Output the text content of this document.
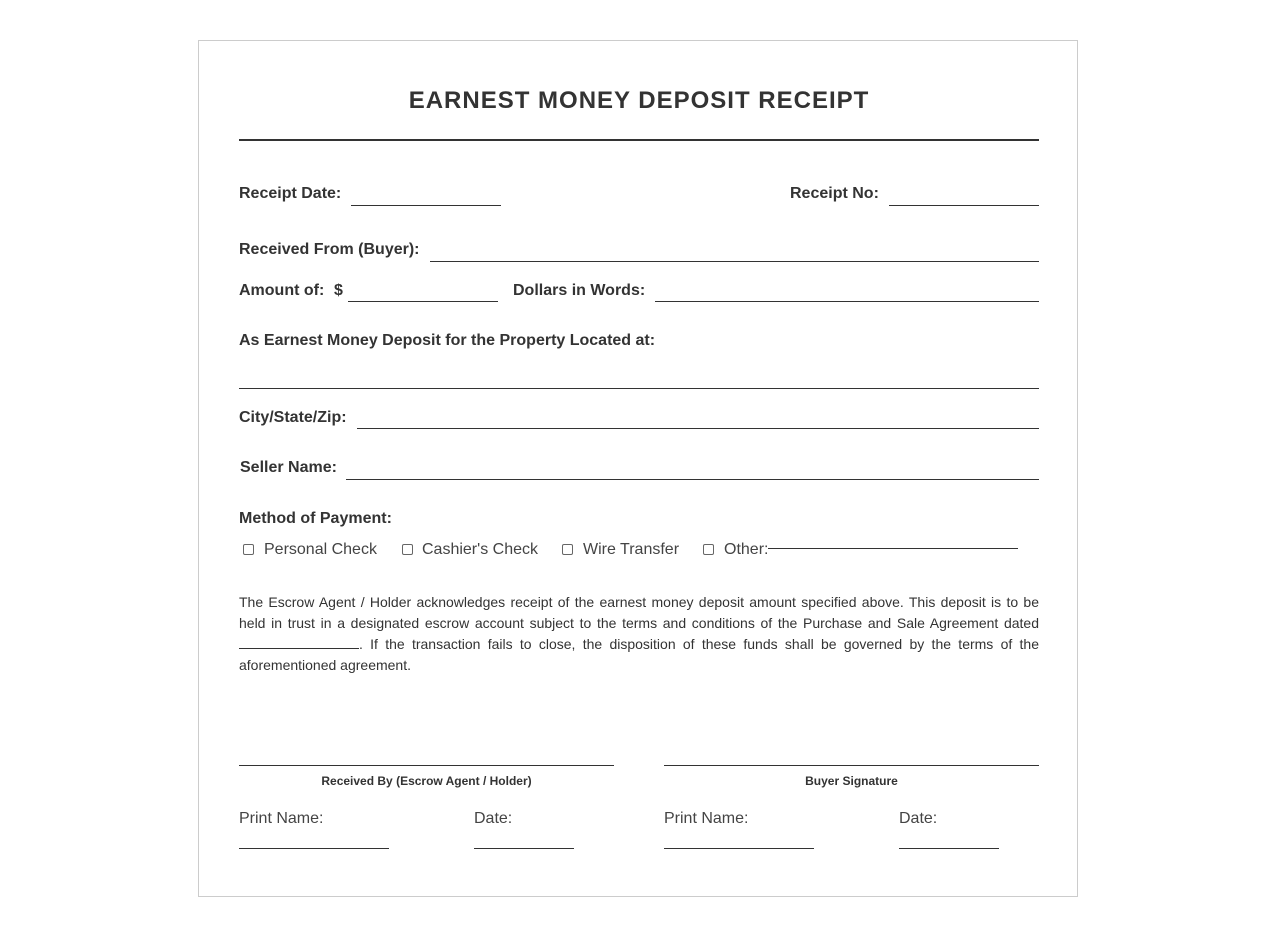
EARNEST MONEY DEPOSIT RECEIPT
Receipt Date:	Receipt No:
Received From (Buyer):
Amount of: $	Dollars in Words:
As Earnest Money Deposit for the Property Located at:
City/State/Zip:
Seller Name:
Method of Payment:
Personal Check	Cashier's Check	Wire Transfer	Other:
The Escrow Agent / Holder acknowledges receipt of the earnest money deposit amount specified above. This deposit is to be held in trust in a designated escrow account subject to the terms and conditions of the Purchase and Sale Agreement dated . If the transaction fails to close, the disposition of these funds shall be governed by the terms of the aforementioned agreement.
Received By (Escrow Agent / Holder)	Buyer Signature
Print Name:	Date:	Print Name:	Date:
